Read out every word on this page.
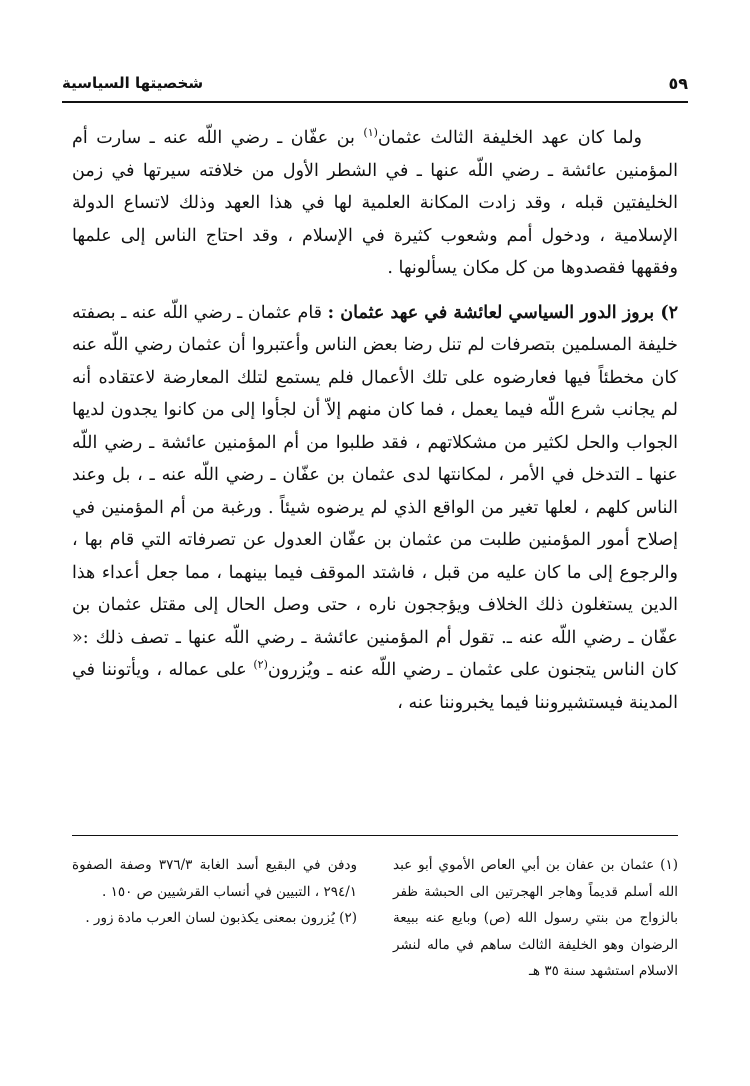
٥٩
شخصيتها السياسية

ولما كان عهد الخليفة الثالث عثمان$^{(١)}$ بن عفّان ـ رضي اللّه عنه ـ سارت أم المؤمنين عائشة ـ رضي اللّه عنها ـ في الشطر الأول من خلافته سيرتها في زمن الخليفتين قبله ، وقد زادت المكانة العلمية لها في هذا العهد وذلك لاتساع الدولة الإسلامية ، ودخول أمم وشعوب كثيرة في الإسلام ، وقد احتاج الناس إلى علمها وفقهها فقصدوها من كل مكان يسألونها .

٢) بروز الدور السياسي لعائشة في عهد عثمان : قام عثمان ـ رضي اللّه عنه ـ بصفته خليفة المسلمين بتصرفات لم تنل رضا بعض الناس وأعتبروا أن عثمان رضي اللّه عنه كان مخطئاً فيها فعارضوه على تلك الأعمال فلم يستمع لتلك المعارضة لاعتقاده أنه لم يجانب شرع اللّه فيما يعمل ، فما كان منهم إلاّ أن لجأوا إلى من كانوا يجدون لديها الجواب والحل لكثير من مشكلاتهم ، فقد طلبوا من أم المؤمنين عائشة ـ رضي اللّه عنها ـ التدخل في الأمر ، لمكانتها لدى عثمان بن عفّان ـ رضي اللّه عنه ـ ، بل وعند الناس كلهم ، لعلها تغير من الواقع الذي لم يرضوه شيئاً . ورغبة من أم المؤمنين في إصلاح أمور المؤمنين طلبت من عثمان بن عفّان العدول عن تصرفاته التي قام بها ، والرجوع إلى ما كان عليه من قبل ، فاشتد الموقف فيما بينهما ، مما جعل أعداء هذا الدين يستغلون ذلك الخلاف ويؤججون ناره ، حتى وصل الحال إلى مقتل عثمان بن عفّان ـ رضي اللّه عنه ـ. تقول أم المؤمنين عائشة ـ رضي اللّه عنها ـ تصف ذلك :« كان الناس يتجنون على عثمان ـ رضي اللّه عنه ـ ويُزرون$^{(٢)}$ على عماله ، ويأتوننا في المدينة فيستشيروننا فيما يخبروننا عنه ،

(١) عثمان بن عفان بن أبي العاص الأموي أبو عبد الله أسلم قديماً وهاجر الهجرتين الى الحبشة ظفر بالزواج من بنتي رسول الله (ص) وبايع عنه ببيعة الرضوان وهو الخليفة الثالث ساهم في ماله لنشر الاسلام استشهد سنة ٣٥ هـ

ودفن في البقيع أسد الغابة ٣٧٦/٣ وصفة الصفوة ٢٩٤/١ ، التبيين في أنساب القرشيين ص ١٥٠ .

(٢) يُزرون بمعنى يكذبون لسان العرب مادة زور .
